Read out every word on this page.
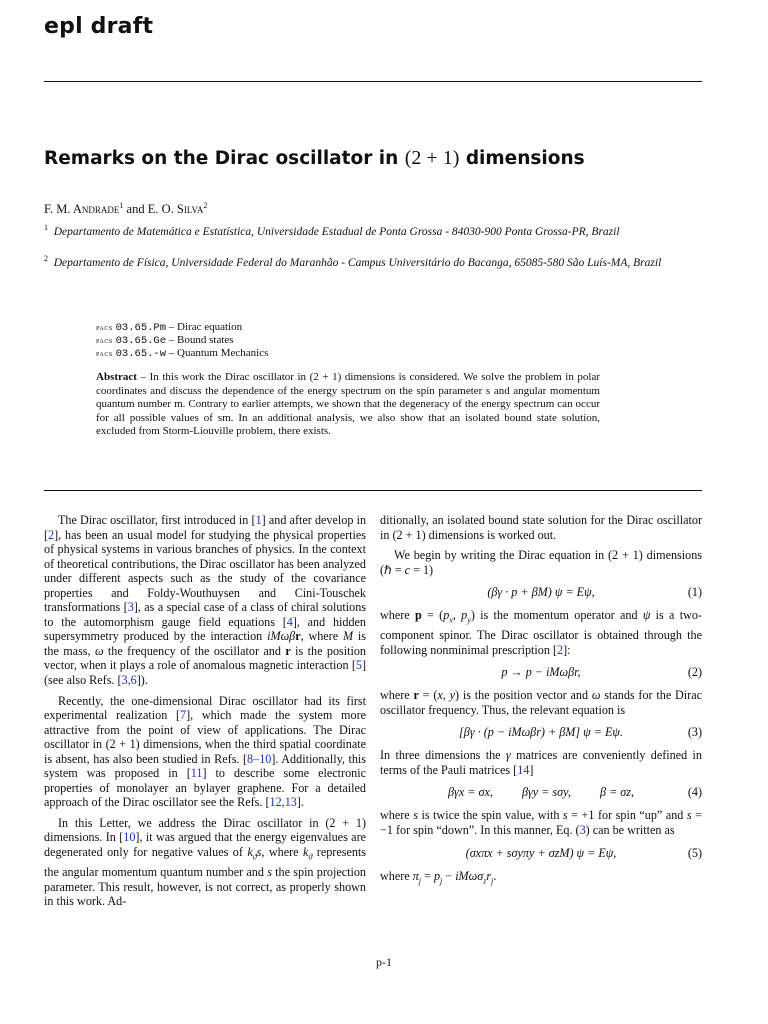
epl draft
Remarks on the Dirac oscillator in (2 + 1) dimensions
F. M. Andrade$^1$ and E. O. Silva$^2$
$^1$ Departamento de Matemática e Estatística, Universidade Estadual de Ponta Grossa - 84030-900 Ponta Grossa-PR, Brazil
$^2$ Departamento de Física, Universidade Federal do Maranhão - Campus Universitário do Bacanga, 65085-580 São Luís-MA, Brazil
pacs 03.65.Pm – Dirac equation
pacs 03.65.Ge – Bound states
pacs 03.65.-w – Quantum Mechanics
Abstract – In this work the Dirac oscillator in (2 + 1) dimensions is considered. We solve the problem in polar coordinates and discuss the dependence of the energy spectrum on the spin parameter s and angular momentum quantum number m. Contrary to earlier attempts, we shown that the degeneracy of the energy spectrum can occur for all possible values of sm. In an additional analysis, we also show that an isolated bound state solution, excluded from Storm-Liouville problem, there exists.

The Dirac oscillator, first introduced in [1] and after develop in [2], has been an usual model for studying the physical properties of physical systems in various branches of physics. In the context of theoretical contributions, the Dirac oscillator has been analyzed under different aspects such as the study of the covariance properties and Foldy-Wouthuysen and Cini-Touschek transformations [3], as a special case of a class of chiral solutions to the automorphism gauge field equations [4], and hidden supersymmetry produced by the interaction iMωβr, where M is the mass, ω the frequency of the oscillator and r is the position vector, when it plays a role of anomalous magnetic interaction [5] (see also Refs. [3,6]).

Recently, the one-dimensional Dirac oscillator had its first experimental realization [7], which made the system more attractive from the point of view of applications. The Dirac oscillator in (2 + 1) dimensions, when the third spatial coordinate is absent, has also been studied in Refs. [8–10]. Additionally, this system was proposed in [11] to describe some electronic properties of monolayer an bylayer graphene. For a detailed approach of the Dirac oscillator see the Refs. [12,13].

In this Letter, we address the Dirac oscillator in (2 + 1) dimensions. In [10], it was argued that the energy eigenvalues are degenerated only for negative values of $k_ϑs$, where $k_ϑ$ represents the angular momentum quantum number and s the spin projection parameter. This result, however, is not correct, as properly shown in this work. Ad-

ditionally, an isolated bound state solution for the Dirac oscillator in (2 + 1) dimensions is worked out.

We begin by writing the Dirac equation in (2 + 1) dimensions (ℏ = c = 1)

(βγ · p + βM) ψ = Eψ,	(1)

where $p = (p_x$, $p_y$) is the momentum operator and ψ is a two-component spinor. The Dirac oscillator is obtained through the following nonminimal prescription [2]:

p → p − iMωβr,	(2)

where r = (x, y) is the position vector and ω stands for the Dirac oscillator frequency. Thus, the relevant equation is

[βγ · (p − iMωβr) + βM] ψ = Eψ.	(3)

In three dimensions the γ matrices are conveniently defined in terms of the Pauli matrices [14]

βγx = σx, βγy = sσy, β = σz,	(4)

where s is twice the spin value, with s = +1 for spin “up” and s = −1 for spin “down”. In this manner, Eq. (3) can be written as

(σxπx + sσyπy + σzM) ψ = Eψ,	(5)

where $\pi_j = p_j - iM\omega\sigma_zr_j$.

p-1
